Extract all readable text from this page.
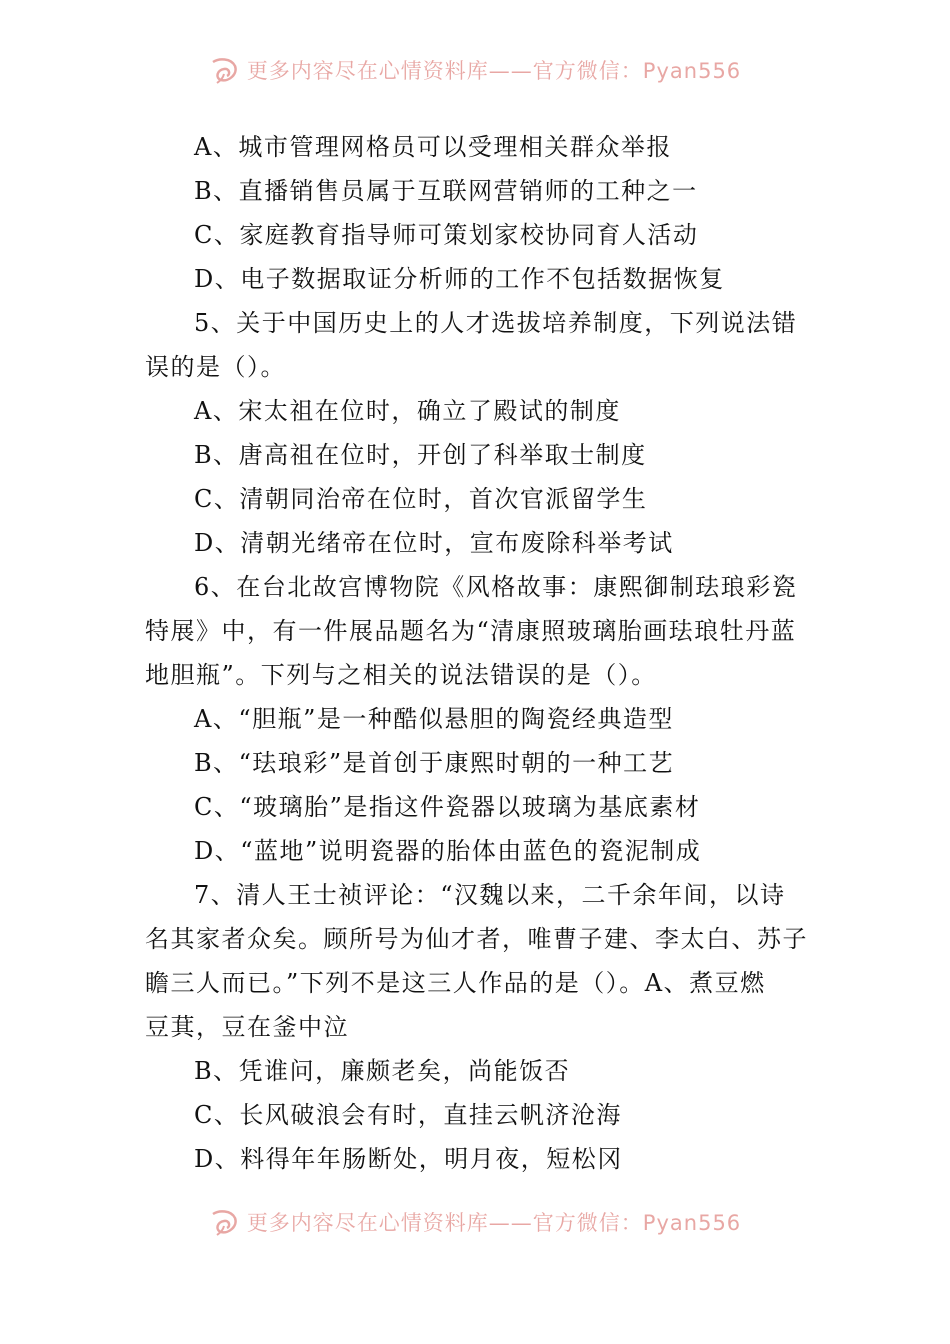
更多内容尽在心情资料库——官方微信：Pyan556
A、城市管理网格员可以受理相关群众举报
B、直播销售员属于互联网营销师的工种之一
C、家庭教育指导师可策划家校协同育人活动
D、电子数据取证分析师的工作不包括数据恢复
5、关于中国历史上的人才选拔培养制度，下列说法错
误的是（）。
A、宋太祖在位时，确立了殿试的制度
B、唐高祖在位时，开创了科举取士制度
C、清朝同治帝在位时，首次官派留学生
D、清朝光绪帝在位时，宣布废除科举考试
6、在台北故宫博物院《风格故事：康熙御制珐琅彩瓷
特展》中，有一件展品题名为“清康照玻璃胎画珐琅牡丹蓝
地胆瓶”。下列与之相关的说法错误的是（）。
A、“胆瓶”是一种酷似悬胆的陶瓷经典造型
B、“珐琅彩”是首创于康熙时朝的一种工艺
C、“玻璃胎”是指这件瓷器以玻璃为基底素材
D、“蓝地”说明瓷器的胎体由蓝色的瓷泥制成
7、清人王士祯评论：“汉魏以来，二千余年间，以诗
名其家者众矣。顾所号为仙才者，唯曹子建、李太白、苏子
瞻三人而已。”下列不是这三人作品的是（）。A、煮豆燃
豆萁，豆在釜中泣
B、凭谁问，廉颇老矣，尚能饭否
C、长风破浪会有时，直挂云帆济沧海
D、料得年年肠断处，明月夜，短松冈
更多内容尽在心情资料库——官方微信：Pyan556
